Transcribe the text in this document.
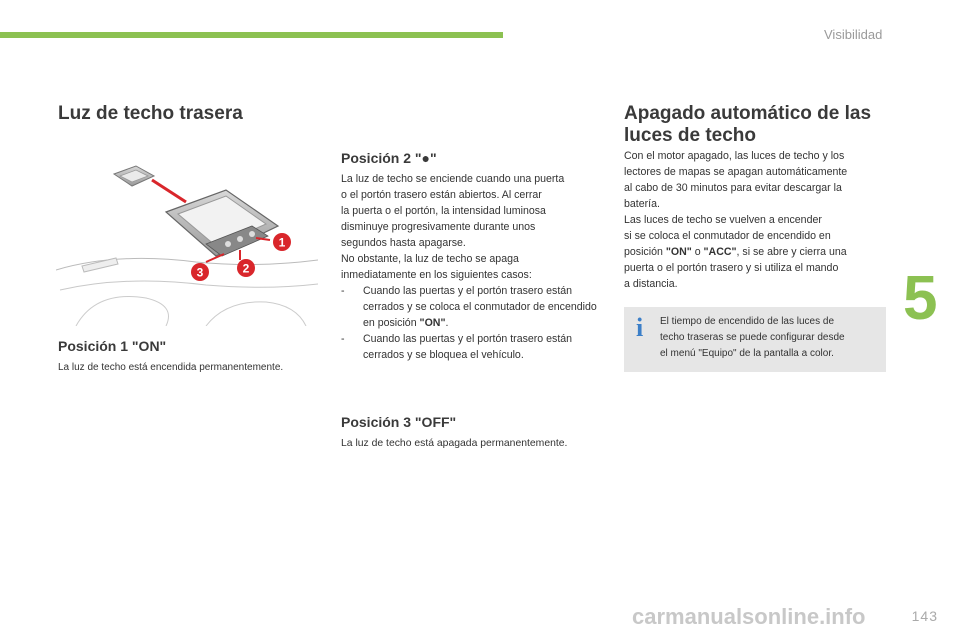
Visibilidad
5
Luz de techo trasera
1
2
3
Posición 1 "ON"

La luz de techo está encendida permanentemente.

Posición 2 "●"

La luz de techo se enciende cuando una puerta

o el portón trasero están abiertos. Al cerrar

la puerta o el portón, la intensidad luminosa

disminuye progresivamente durante unos

segundos hasta apagarse.

No obstante, la luz de techo se apaga

inmediatamente en los siguientes casos:

-	Cuando las puertas y el portón trasero están cerrados y se coloca el conmutador de encendido en posición "ON".

-	Cuando las puertas y el portón trasero están cerrados y se bloquea el vehículo.

Posición 3 "OFF"

La luz de techo está apagada permanentemente.

Apagado automático de las
luces de techo

Con el motor apagado, las luces de techo y los

lectores de mapas se apagan automáticamente

al cabo de 30 minutos para evitar descargar la

batería.

Las luces de techo se vuelven a encender

si se coloca el conmutador de encendido en

posición "ON" o "ACC", si se abre y cierra una

puerta o el portón trasero y si utiliza el mando

a distancia.

i	El tiempo de encendido de las luces de
techo traseras se puede configurar desde
el menú "Equipo" de la pantalla a color.
carmanualsonline.info	143
